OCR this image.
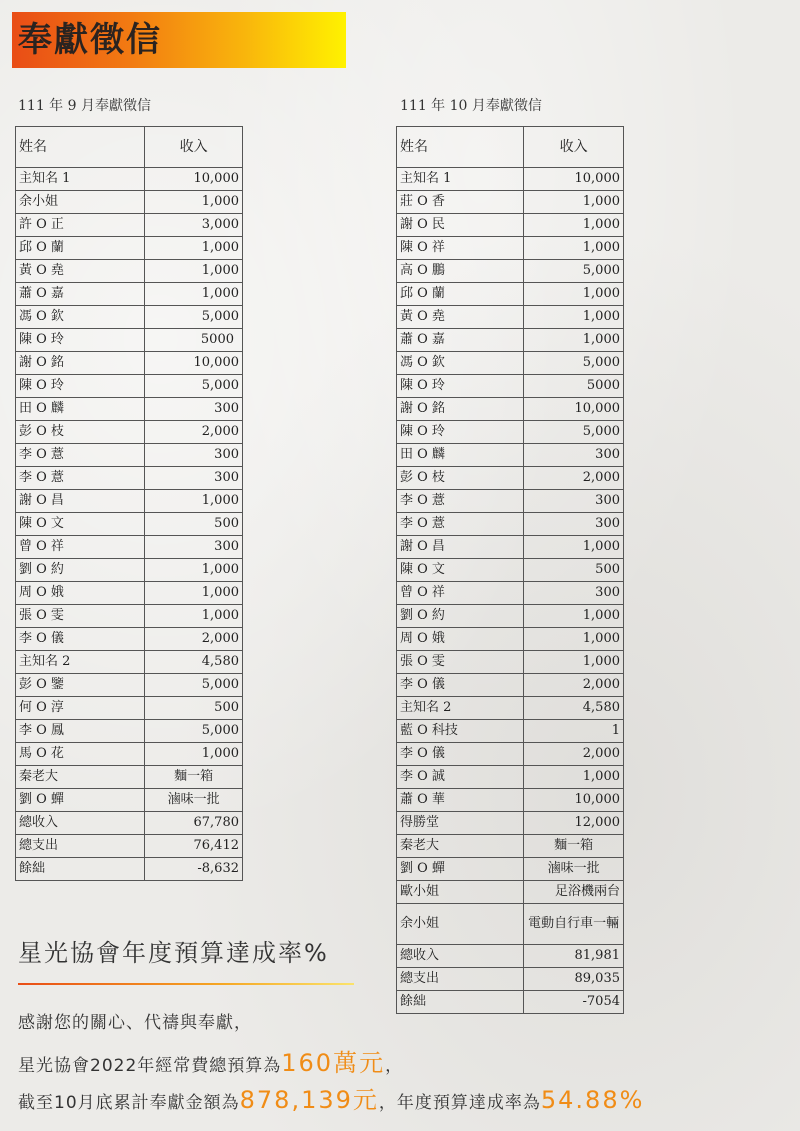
奉獻徵信
111 年 9 月奉獻徵信	111 年 10 月奉獻徵信
姓名	收入
主知名 1	10,000
余小姐	1,000
許 O 正	3,000
邱 O 蘭	1,000
黃 O 堯	1,000
蕭 O 嘉	1,000
馮 O 欽	5,000
陳 O 玲	5000
謝 O 銘	10,000
陳 O 玲	5,000
田 O 麟	300
彭 O 枝	2,000
李 O 薏	300
李 O 薏	300
謝 O 昌	1,000
陳 O 文	500
曾 O 祥	300
劉 O 約	1,000
周 O 娥	1,000
張 O 雯	1,000
李 O 儀	2,000
主知名 2	4,580
彭 O 鑒	5,000
何 O 淳	500
李 O 鳳	5,000
馬 O 花	1,000
秦老大	麵一箱
劉 O 蟬	滷味一批
總收入	67,780
總支出	76,412
餘絀	-8,632
姓名	收入
主知名 1	10,000
莊 O 香	1,000
謝 O 民	1,000
陳 O 祥	1,000
高 O 鵬	5,000
邱 O 蘭	1,000
黃 O 堯	1,000
蕭 O 嘉	1,000
馮 O 欽	5,000
陳 O 玲	5000
謝 O 銘	10,000
陳 O 玲	5,000
田 O 麟	300
彭 O 枝	2,000
李 O 薏	300
李 O 薏	300
謝 O 昌	1,000
陳 O 文	500
曾 O 祥	300
劉 O 約	1,000
周 O 娥	1,000
張 O 雯	1,000
李 O 儀	2,000
主知名 2	4,580
藍 O 科技	1
李 O 儀	2,000
李 O 誠	1,000
蕭 O 華	10,000
得勝堂	12,000
秦老大	麵一箱
劉 O 蟬	滷味一批
歐小姐	足浴機兩台
余小姐	電動自行車一輛
總收入	81,981
總支出	89,035
餘絀	-7054
星光協會年度預算達成率%
感謝您的關心、代禱與奉獻，
星光協會2022年經常費總預算為160萬元，
截至10月底累計奉獻金額為878,139元，年度預算達成率為54.88%
